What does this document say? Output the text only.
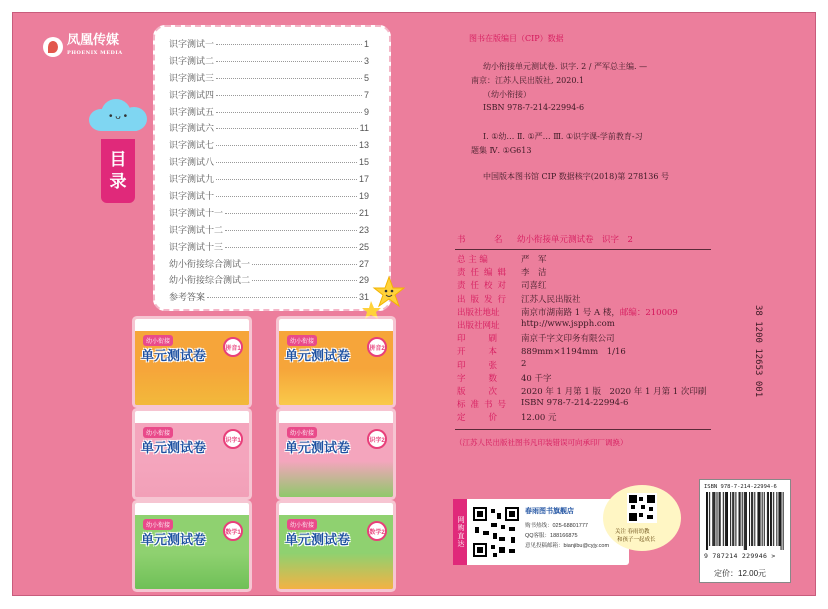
凤凰传媒
PHOENIX MEDIA
• ᴗ •
目
录
识字测试一	1
识字测试二	3
识字测试三	5
识字测试四	7
识字测试五	9
识字测试六	11
识字测试七	13
识字测试八	15
识字测试九	17
识字测试十	19
识字测试十一	21
识字测试十二	23
识字测试十三	25
幼小衔接综合测试一	27
幼小衔接综合测试二	29
参考答案	31
幼小衔接
单元测试卷	拼音1
幼小衔接
单元测试卷	拼音2
幼小衔接
单元测试卷	识字1
幼小衔接
单元测试卷	识字2
幼小衔接
单元测试卷	数学1
幼小衔接
单元测试卷	数学2
图书在版编目（CIP）数据
幼小衔接单元测试卷. 识字. 2 / 严军总主编. —
南京：江苏人民出版社, 2020.1
（幼小衔接）
ISBN 978-7-214-22994-6
Ⅰ. ①幼… Ⅱ. ①严… Ⅲ. ①识字课-学前教育-习
题集 Ⅳ. ①G613
中国版本图书馆 CIP 数据核字(2018)第 278136 号
书　名 幼小衔接单元测试卷　识字　2
总 主 编	严　军
责任编辑 李　洁
责任校对 司喜红
出版发行 江苏人民出版社
出版社地址	南京市湖南路 1 号 A 楼，邮编：210009
出版社网址	http://www.jspph.com
印　　刷	南京千字文印务有限公司
开　　本	889mm×1194mm　1/16
印　　张	2
字　　数	40 千字
版　　次	2020 年 1 月第 1 版　2020 年 1 月第 1 次印刷
标准书号 ISBN 978-7-214-22994-6
定　　价	12.00 元
（江苏人民出版社图书凡印装错误可向承印厂调换）
38 1200 12653 001
网购直达
春雨图书旗舰店
购书热线：025-68801777
QQ客服：188166875
意见投稿邮箱：bianjibu@cyjy.com
关注 春雨幼教
和孩子一起成长
ISBN 978-7-214-22994-6
9 787214 229946 >
定价：12.00元
